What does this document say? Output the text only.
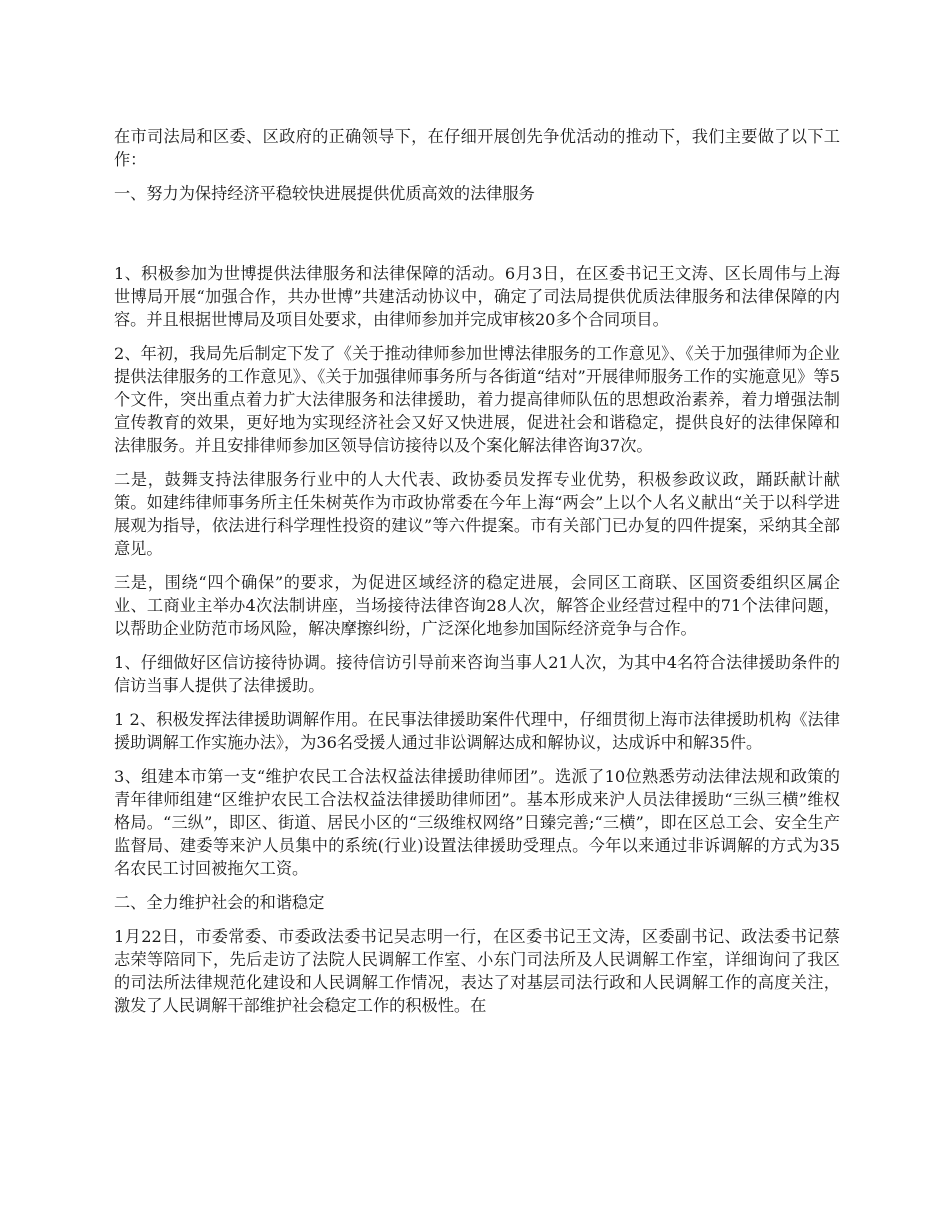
在市司法局和区委、区政府的正确领导下，在仔细开展创先争优活动的推动下，我们主要做了以下工作：

一、努力为保持经济平稳较快进展提供优质高效的法律服务

1、积极参加为世博提供法律服务和法律保障的活动。6月3日，在区委书记王文涛、区长周伟与上海世博局开展“加强合作，共办世博”共建活动协议中，确定了司法局提供优质法律服务和法律保障的内容。并且根据世博局及项目处要求，由律师参加并完成审核20多个合同项目。

2、年初，我局先后制定下发了《关于推动律师参加世博法律服务的工作意见》、《关于加强律师为企业提供法律服务的工作意见》、《关于加强律师事务所与各街道“结对”开展律师服务工作的实施意见》等5个文件，突出重点着力扩大法律服务和法律援助，着力提高律师队伍的思想政治素养，着力增强法制宣传教育的效果，更好地为实现经济社会又好又快进展，促进社会和谐稳定，提供良好的法律保障和法律服务。并且安排律师参加区领导信访接待以及个案化解法律咨询37次。

二是，鼓舞支持法律服务行业中的人大代表、政协委员发挥专业优势，积极参政议政，踊跃献计献策。如建纬律师事务所主任朱树英作为市政协常委在今年上海“两会”上以个人名义献出“关于以科学进展观为指导，依法进行科学理性投资的建议”等六件提案。市有关部门已办复的四件提案，采纳其全部意见。

三是，围绕“四个确保”的要求，为促进区域经济的稳定进展，会同区工商联、区国资委组织区属企业、工商业主举办4次法制讲座，当场接待法律咨询28人次，解答企业经营过程中的71个法律问题，以帮助企业防范市场风险，解决摩擦纠纷，广泛深化地参加国际经济竞争与合作。

1、仔细做好区信访接待协调。接待信访引导前来咨询当事人21人次，为其中4名符合法律援助条件的信访当事人提供了法律援助。

1 2、积极发挥法律援助调解作用。在民事法律援助案件代理中，仔细贯彻上海市法律援助机构《法律援助调解工作实施办法》，为36名受援人通过非讼调解达成和解协议，达成诉中和解35件。

3、组建本市第一支“维护农民工合法权益法律援助律师团”。选派了10位熟悉劳动法律法规和政策的青年律师组建“区维护农民工合法权益法律援助律师团”。基本形成来沪人员法律援助“三纵三横”维权格局。“三纵”，即区、街道、居民小区的“三级维权网络”日臻完善;“三横”，即在区总工会、安全生产监督局、建委等来沪人员集中的系统(行业)设置法律援助受理点。今年以来通过非诉调解的方式为35名农民工讨回被拖欠工资。

二、全力维护社会的和谐稳定

1月22日，市委常委、市委政法委书记吴志明一行，在区委书记王文涛，区委副书记、政法委书记蔡志荣等陪同下，先后走访了法院人民调解工作室、小东门司法所及人民调解工作室，详细询问了我区的司法所法律规范化建设和人民调解工作情况，表达了对基层司法行政和人民调解工作的高度关注，激发了人民调解干部维护社会稳定工作的积极性。在
